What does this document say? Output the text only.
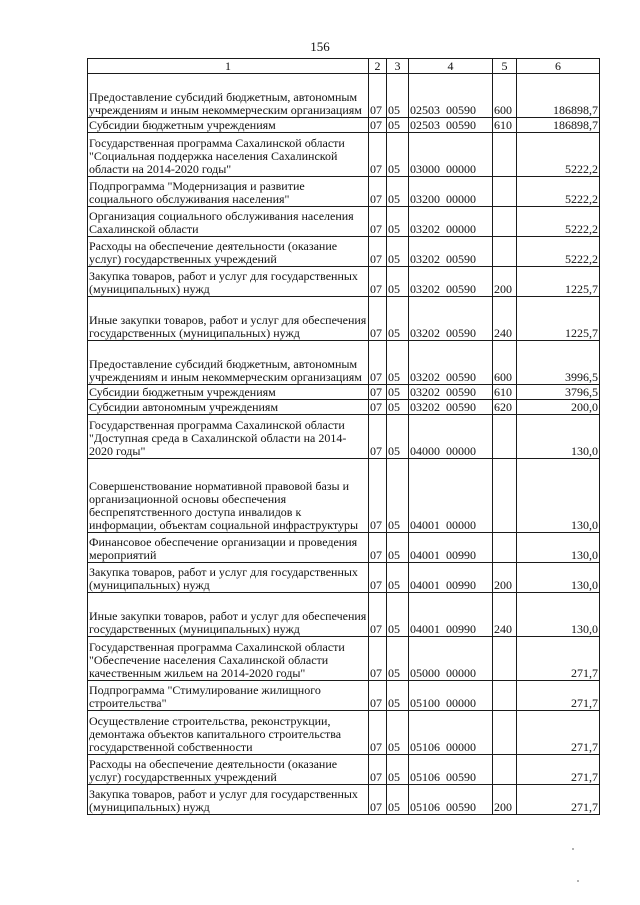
156
1	2	3	4	5	6
Предоставление субсидий бюджетным, автономным учреждениям и иным некоммерческим организациям	07	05	02503  00590	600	186898,7
Субсидии бюджетным учреждениям	07	05	02503  00590	610	186898,7
Государственная программа Сахалинской области "Социальная поддержка населения Сахалинской области на 2014-2020 годы"	07	05	03000  00000		5222,2
Подпрограмма "Модернизация и развитие социального обслуживания населения"	07	05	03200  00000		5222,2
Организация социального обслуживания населения Сахалинской области	07	05	03202  00000		5222,2
Расходы на обеспечение деятельности (оказание услуг) государственных учреждений	07	05	03202  00590		5222,2
Закупка товаров, работ и услуг для государственных (муниципальных) нужд	07	05	03202  00590	200	1225,7
Иные закупки товаров, работ и услуг для обеспечения государственных (муниципальных) нужд	07	05	03202  00590	240	1225,7
Предоставление субсидий бюджетным, автономным учреждениям и иным некоммерческим организациям	07	05	03202  00590	600	3996,5
Субсидии бюджетным учреждениям	07	05	03202  00590	610	3796,5
Субсидии автономным учреждениям	07	05	03202  00590	620	200,0
Государственная программа Сахалинской области "Доступная среда в Сахалинской области на 2014-2020 годы"	07	05	04000  00000		130,0
Совершенствование нормативной правовой базы и организационной основы обеспечения беспрепятственного доступа инвалидов к информации, объектам социальной инфраструктуры	07	05	04001  00000		130,0
Финансовое обеспечение организации и проведения мероприятий	07	05	04001  00990		130,0
Закупка товаров, работ и услуг для государственных (муниципальных) нужд	07	05	04001  00990	200	130,0
Иные закупки товаров, работ и услуг для обеспечения государственных (муниципальных) нужд	07	05	04001  00990	240	130,0
Государственная программа Сахалинской области "Обеспечение населения Сахалинской области качественным жильем на 2014-2020 годы"	07	05	05000  00000		271,7
Подпрограмма "Стимулирование жилищного строительства"	07	05	05100  00000		271,7
Осуществление строительства, реконструкции, демонтажа объектов капитального строительства государственной собственности	07	05	05106  00000		271,7
Расходы на обеспечение деятельности (оказание услуг) государственных учреждений	07	05	05106  00590		271,7
Закупка товаров, работ и услуг для государственных (муниципальных) нужд	07	05	05106  00590	200	271,7
